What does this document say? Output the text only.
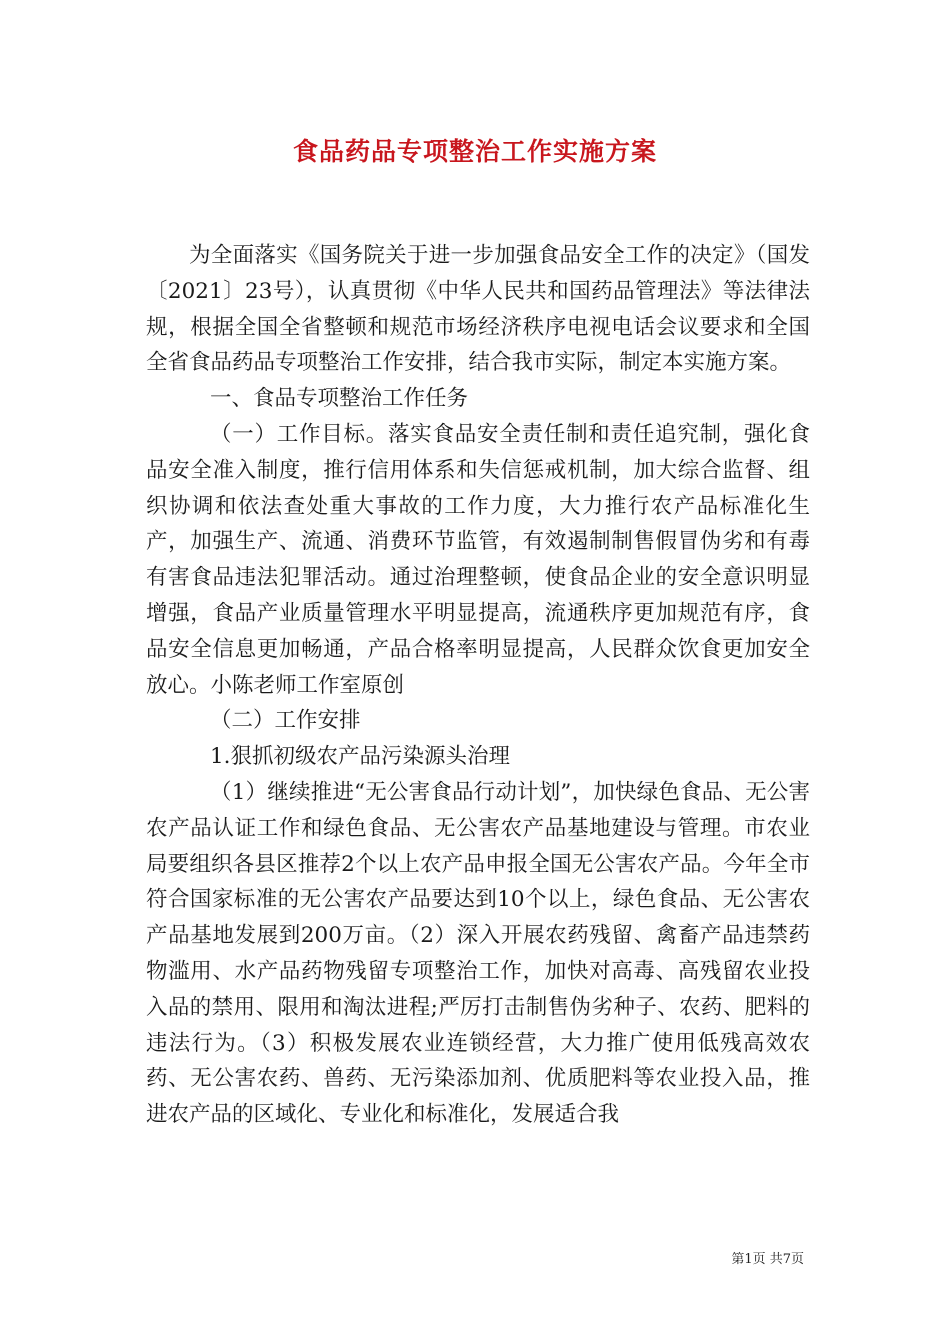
食品药品专项整治工作实施方案

为全面落实《国务院关于进一步加强食品安全工作的决定》（国发〔2021〕23号），认真贯彻《中华人民共和国药品管理法》等法律法规，根据全国全省整顿和规范市场经济秩序电视电话会议要求和全国全省食品药品专项整治工作安排，结合我市实际，制定本实施方案。

一、食品专项整治工作任务

（一）工作目标。落实食品安全责任制和责任追究制，强化食品安全准入制度，推行信用体系和失信惩戒机制，加大综合监督、组织协调和依法查处重大事故的工作力度，大力推行农产品标准化生产，加强生产、流通、消费环节监管，有效遏制制售假冒伪劣和有毒有害食品违法犯罪活动。通过治理整顿，使食品企业的安全意识明显增强，食品产业质量管理水平明显提高，流通秩序更加规范有序，食品安全信息更加畅通，产品合格率明显提高，人民群众饮食更加安全放心。小陈老师工作室原创

（二）工作安排

1.狠抓初级农产品污染源头治理

（1）继续推进“无公害食品行动计划”，加快绿色食品、无公害农产品认证工作和绿色食品、无公害农产品基地建设与管理。市农业局要组织各县区推荐2个以上农产品申报全国无公害农产品。今年全市符合国家标准的无公害农产品要达到10个以上，绿色食品、无公害农产品基地发展到200万亩。（2）深入开展农药残留、禽畜产品违禁药物滥用、水产品药物残留专项整治工作，加快对高毒、高残留农业投入品的禁用、限用和淘汰进程;严厉打击制售伪劣种子、农药、肥料的违法行为。（3）积极发展农业连锁经营，大力推广使用低残高效农药、无公害农药、兽药、无污染添加剂、优质肥料等农业投入品，推进农产品的区域化、专业化和标准化，发展适合我

第1页 共7页
